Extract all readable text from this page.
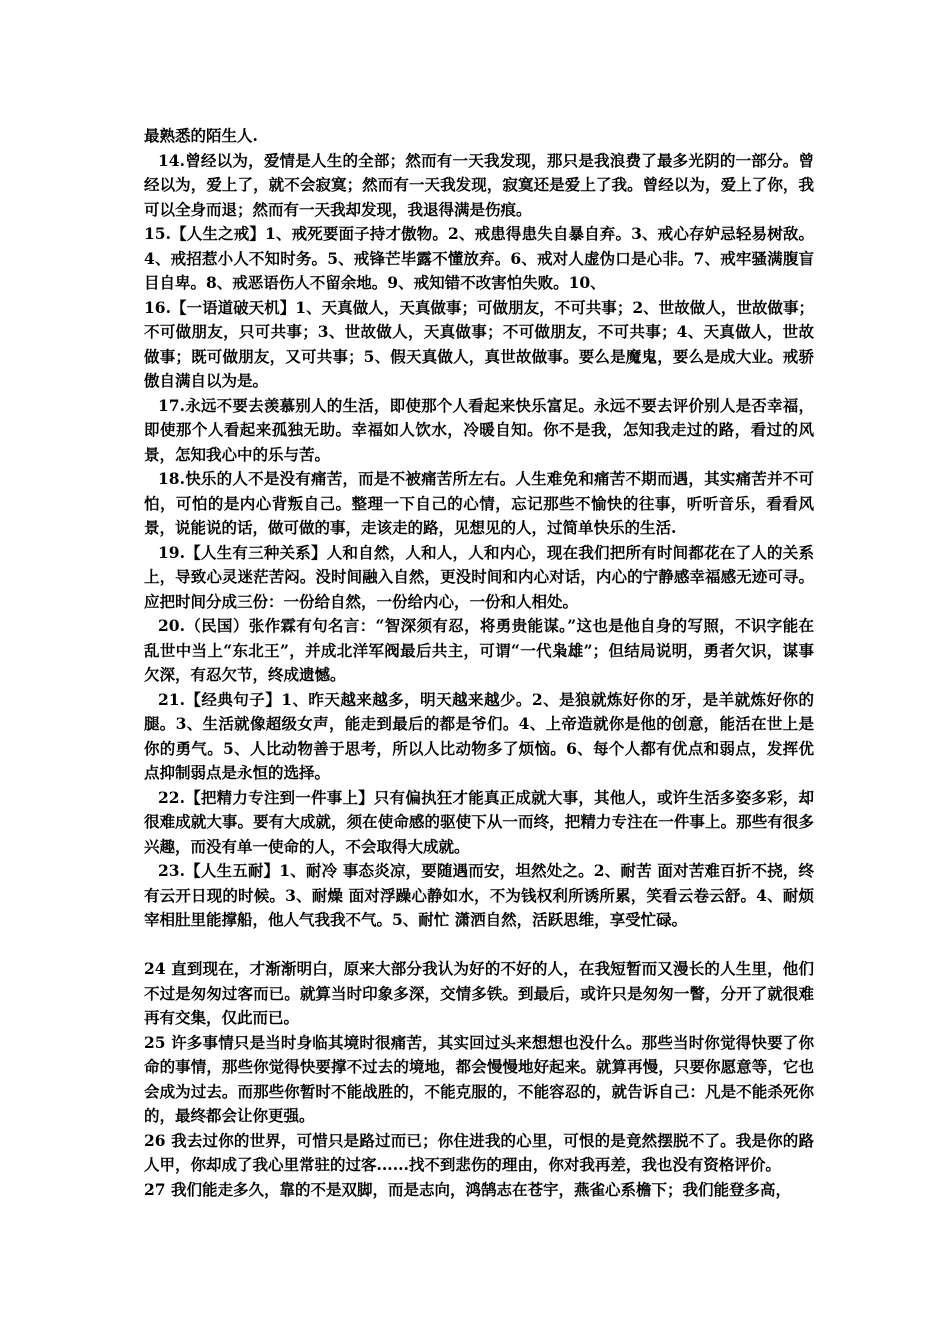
最熟悉的陌生人.

14.曾经以为，爱情是人生的全部；然而有一天我发现，那只是我浪费了最多光阴的一部分。曾经以为，爱上了，就不会寂寞；然而有一天我发现，寂寞还是爱上了我。曾经以为，爱上了你，我可以全身而退；然而有一天我却发现，我退得满是伤痕。

15.【人生之戒】1、戒死要面子持才傲物。2、戒患得患失自暴自弃。3、戒心存妒忌轻易树敌。4、戒招惹小人不知时务。5、戒锋芒毕露不懂放弃。6、戒对人虚伪口是心非。7、戒牢骚满腹盲目自卑。8、戒恶语伤人不留余地。9、戒知错不改害怕失败。10、

16.【一语道破天机】1、天真做人，天真做事；可做朋友，不可共事；2、世故做人，世故做事；不可做朋友，只可共事；3、世故做人，天真做事；不可做朋友，不可共事；4、天真做人，世故做事；既可做朋友，又可共事；5、假天真做人，真世故做事。要么是魔鬼，要么是成大业。戒骄傲自满自以为是。

17.永远不要去羡慕别人的生活，即使那个人看起来快乐富足。永远不要去评价别人是否幸福，即使那个人看起来孤独无助。幸福如人饮水，冷暖自知。你不是我，怎知我走过的路，看过的风景，怎知我心中的乐与苦。

18.快乐的人不是没有痛苦，而是不被痛苦所左右。人生难免和痛苦不期而遇，其实痛苦并不可怕，可怕的是内心背叛自己。整理一下自己的心情，忘记那些不愉快的往事，听听音乐，看看风景，说能说的话，做可做的事，走该走的路，见想见的人，过简单快乐的生活.

19.【人生有三种关系】人和自然，人和人，人和内心，现在我们把所有时间都花在了人的关系上，导致心灵迷茫苦闷。没时间融入自然，更没时间和内心对话，内心的宁静感幸福感无迹可寻。应把时间分成三份：一份给自然，一份给内心，一份和人相处。

20.（民国）张作霖有句名言：“智深须有忍，将勇贵能谋。”这也是他自身的写照，不识字能在乱世中当上“东北王”，并成北洋军阀最后共主，可谓“一代枭雄”；但结局说明，勇者欠识，谋事欠深，有忍欠节，终成遗憾。

21.【经典句子】1、昨天越来越多，明天越来越少。2、是狼就炼好你的牙，是羊就炼好你的腿。3、生活就像超级女声，能走到最后的都是爷们。4、上帝造就你是他的创意，能活在世上是你的勇气。5、人比动物善于思考，所以人比动物多了烦恼。6、每个人都有优点和弱点，发挥优点抑制弱点是永恒的选择。

22.【把精力专注到一件事上】只有偏执狂才能真正成就大事，其他人，或许生活多姿多彩，却很难成就大事。要有大成就，须在使命感的驱使下从一而终，把精力专注在一件事上。那些有很多兴趣，而没有单一使命的人，不会取得大成就。

23.【人生五耐】1、耐冷 事态炎凉，要随遇而安，坦然处之。2、耐苦 面对苦难百折不挠，终有云开日现的时候。3、耐燥 面对浮躁心静如水，不为钱权利所诱所累，笑看云卷云舒。4、耐烦 宰相肚里能撑船，他人气我我不气。5、耐忙 潇洒自然，活跃思维，享受忙碌。

24 直到现在，才渐渐明白，原来大部分我认为好的不好的人，在我短暂而又漫长的人生里，他们不过是匆匆过客而已。就算当时印象多深，交情多铁。到最后，或许只是匆匆一瞥，分开了就很难再有交集，仅此而已。

25 许多事情只是当时身临其境时很痛苦，其实回过头来想想也没什么。那些当时你觉得快要了你命的事情，那些你觉得快要撑不过去的境地，都会慢慢地好起来。就算再慢，只要你愿意等，它也会成为过去。而那些你暂时不能战胜的，不能克服的，不能容忍的，就告诉自己：凡是不能杀死你的，最终都会让你更强。

26 我去过你的世界，可惜只是路过而已；你住进我的心里，可恨的是竟然摆脱不了。我是你的路人甲，你却成了我心里常驻的过客......找不到悲伤的理由，你对我再差，我也没有资格评价。

27 我们能走多久，靠的不是双脚，而是志向，鸿鹄志在苍宇，燕雀心系檐下；我们能登多高，
